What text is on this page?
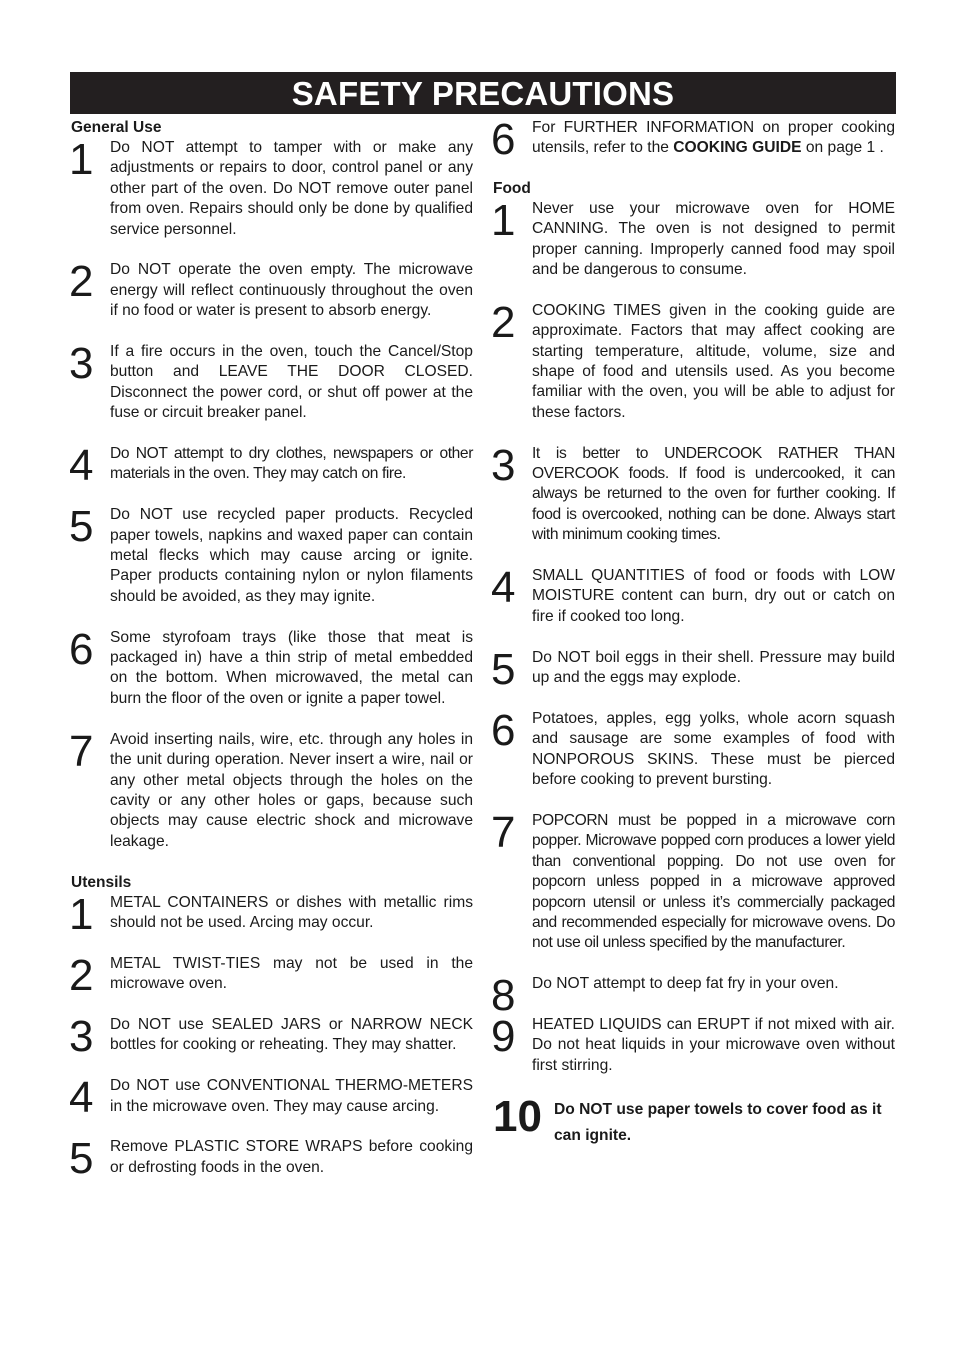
SAFETY PRECAUTIONS
General Use
1 Do NOT attempt to tamper with or make any adjustments or repairs to door, control panel or any other part of the oven. Do NOT remove outer panel from oven. Repairs should only be done by qualified service personnel.
2 Do NOT operate the oven empty. The microwave energy will reflect continuously throughout the oven if no food or water is present to absorb energy.
3 If a fire occurs in the oven, touch the Cancel/Stop button and LEAVE THE DOOR CLOSED. Disconnect the power cord, or shut off power at the fuse or circuit breaker panel.
4 Do NOT attempt to dry clothes, newspapers or other materials in the oven. They may catch on fire.
5 Do NOT use recycled paper products. Recycled paper towels, napkins and waxed paper can contain metal flecks which may cause arcing or ignite. Paper products containing nylon or nylon filaments should be avoided, as they may ignite.
6 Some styrofoam trays (like those that meat is packaged in) have a thin strip of metal embedded on the bottom. When microwaved, the metal can burn the floor of the oven or ignite a paper towel.
7 Avoid inserting nails, wire, etc. through any holes in the unit during operation. Never insert a wire, nail or any other metal objects through the holes on the cavity or any other holes or gaps, because such objects may cause electric shock and microwave leakage.
Utensils
1 METAL CONTAINERS or dishes with metallic rims should not be used. Arcing may occur.
2 METAL TWIST-TIES may not be used in the microwave oven.
3 Do NOT use SEALED JARS or NARROW NECK bottles for cooking or reheating. They may shatter.
4 Do NOT use CONVENTIONAL THERMO-METERS in the microwave oven. They may cause arcing.
5 Remove PLASTIC STORE WRAPS before cooking or defrosting foods in the oven.
6 For FURTHER INFORMATION on proper cooking utensils, refer to the COOKING GUIDE on page 1 .
Food
1 Never use your microwave oven for HOME CANNING. The oven is not designed to permit proper canning. Improperly canned food may spoil and be dangerous to consume.
2 COOKING TIMES given in the cooking guide are approximate. Factors that may affect cooking are starting temperature, altitude, volume, size and shape of food and utensils used. As you become familiar with the oven, you will be able to adjust for these factors.
3 It is better to UNDERCOOK RATHER THAN OVERCOOK foods. If food is undercooked, it can always be returned to the oven for further cooking. If food is overcooked, nothing can be done. Always start with minimum cooking times.
4 SMALL QUANTITIES of food or foods with LOW MOISTURE content can burn, dry out or catch on fire if cooked too long.
5 Do NOT boil eggs in their shell. Pressure may build up and the eggs may explode.
6 Potatoes, apples, egg yolks, whole acorn squash and sausage are some examples of food with NONPOROUS SKINS. These must be pierced before cooking to prevent bursting.
7 POPCORN must be popped in a microwave corn popper. Microwave popped corn produces a lower yield than conventional popping. Do not use oven for popcorn unless popped in a microwave approved popcorn utensil or unless it’s commercially packaged and recommended especially for microwave ovens. Do not use oil unless specified by the manufacturer.
8 Do NOT attempt to deep fat fry in your oven.
9 HEATED LIQUIDS can ERUPT if not mixed with air. Do not heat liquids in your microwave oven without first stirring.
10 Do NOT use paper towels to cover food as it can ignite.
